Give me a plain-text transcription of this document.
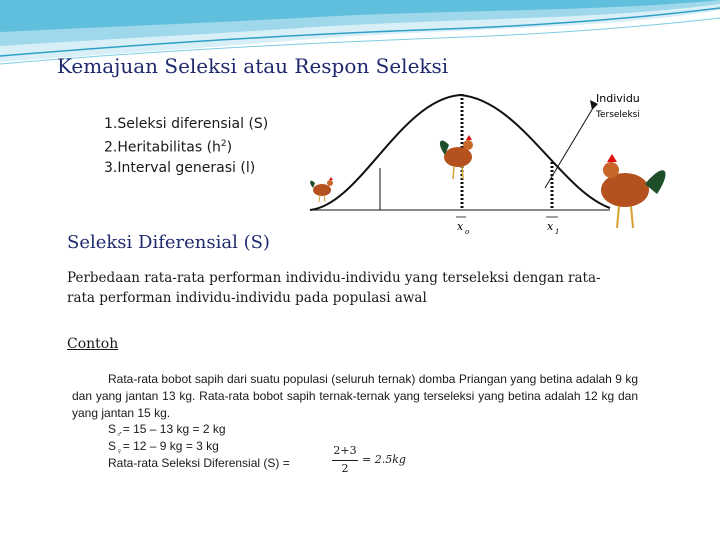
Kemajuan Seleksi atau Respon Seleksi
1.Seleksi diferensial (S)
2.Heritabilitas $(h^2)$
3.Interval generasi (l)
x o	x 1
Individu
Terseleksi
Seleksi Diferensial (S)
Perbedaan rata-rata performan individu-individu yang terseleksi dengan rata-rata performan individu-individu pada populasi awal
Contoh
Rata-rata bobot sapih dari suatu populasi (seluruh ternak) domba Priangan yang betina adalah 9 kg dan yang jantan 13 kg. Rata-rata bobot sapih ternak-ternak yang terseleksi yang betina adalah 12 kg dan yang jantan 15 kg.
$S_♂= 15 - 13$ kg = 2 kg
$S_♀= 12 - 9$ kg = 3 kg
Rata-rata Seleksi Diferensial (S) =
2+3
2
= 2.5kg
